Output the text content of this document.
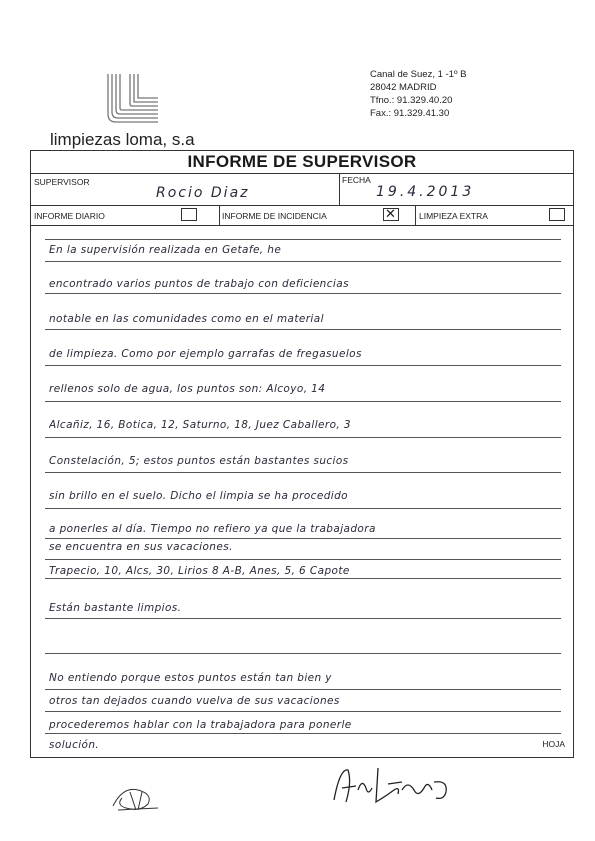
limpiezas loma, s.a
Canal de Suez, 1 -1º B
28042 MADRID
Tfno.: 91.329.40.20
Fax.: 91.329.41.30
INFORME DE SUPERVISOR
SUPERVISOR
Rocio Diaz
FECHA
19.4.2013
INFORME DIARIO	INFORME DE INCIDENCIA	✕	LIMPIEZA EXTRA
En la supervisión realizada en Getafe, he
encontrado varios puntos de trabajo con deficiencias
notable en las comunidades como en el material
de limpieza. Como por ejemplo garrafas de fregasuelos
rellenos solo de agua, los puntos son: Alcoyo, 14
Alcañiz, 16, Botica, 12, Saturno, 18, Juez Caballero, 3
Constelación, 5; estos puntos están bastantes sucios
sin brillo en el suelo. Dicho el limpia se ha procedido
a ponerles al día. Tiempo no refiero ya que la trabajadora
se encuentra en sus vacaciones.
Trapecio, 10, Alcs, 30, Lirios 8 A-B, Anes, 5, 6 Capote
Están bastante limpios.
No entiendo porque estos puntos están tan bien y
otros tan dejados cuando vuelva de sus vacaciones
procederemos hablar con la trabajadora para ponerle
solución.	HOJA
